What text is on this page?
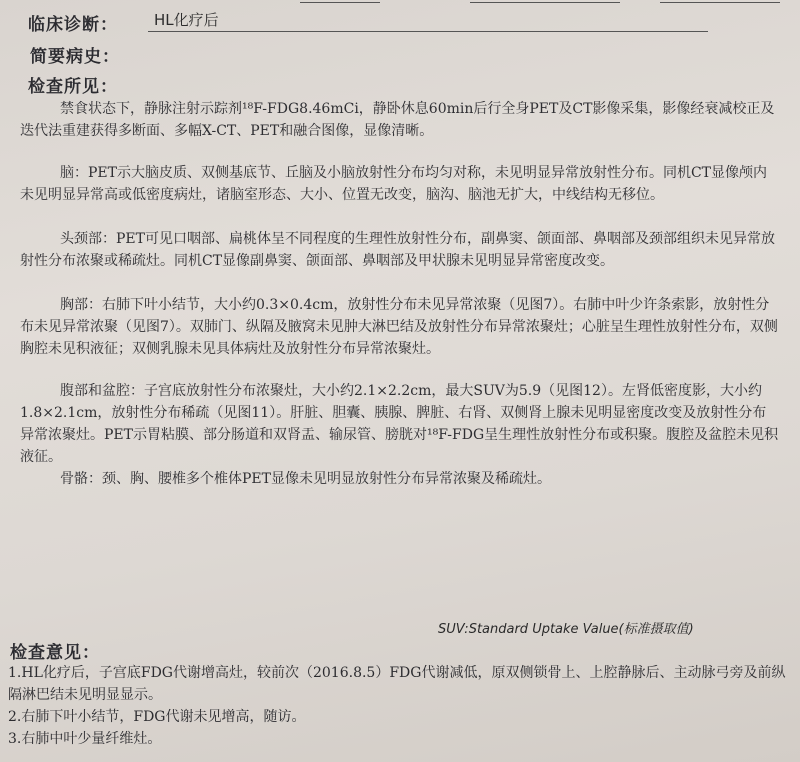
临床诊断：	HL化疗后
简要病史：
检查所见：

禁食状态下，静脉注射示踪剂¹⁸F-FDG8.46mCi，静卧休息60min后行全身PET及CT影像采集，影像经衰减校正及迭代法重建获得多断面、多幅X-CT、PET和融合图像，显像清晰。

脑：PET示大脑皮质、双侧基底节、丘脑及小脑放射性分布均匀对称，未见明显异常放射性分布。同机CT显像颅内未见明显异常高或低密度病灶，诸脑室形态、大小、位置无改变，脑沟、脑池无扩大，中线结构无移位。

头颈部：PET可见口咽部、扁桃体呈不同程度的生理性放射性分布，副鼻窦、颌面部、鼻咽部及颈部组织未见异常放射性分布浓聚或稀疏灶。同机CT显像副鼻窦、颌面部、鼻咽部及甲状腺未见明显异常密度改变。

胸部：右肺下叶小结节，大小约0.3×0.4cm，放射性分布未见异常浓聚（见图7）。右肺中叶少许条索影，放射性分布未见异常浓聚（见图7）。双肺门、纵隔及腋窝未见肿大淋巴结及放射性分布异常浓聚灶；心脏呈生理性放射性分布，双侧胸腔未见积液征；双侧乳腺未见具体病灶及放射性分布异常浓聚灶。

腹部和盆腔：子宫底放射性分布浓聚灶，大小约2.1×2.2cm，最大SUV为5.9（见图12）。左肾低密度影，大小约1.8×2.1cm，放射性分布稀疏（见图11）。肝脏、胆囊、胰腺、脾脏、右肾、双侧肾上腺未见明显密度改变及放射性分布异常浓聚灶。PET示胃粘膜、部分肠道和双肾盂、输尿管、膀胱对¹⁸F-FDG呈生理性放射性分布或积聚。腹腔及盆腔未见积液征。

骨骼：颈、胸、腰椎多个椎体PET显像未见明显放射性分布异常浓聚及稀疏灶。

SUV:Standard Uptake Value(标准摄取值)
检查意见：

1.HL化疗后，子宫底FDG代谢增高灶，较前次（2016.8.5）FDG代谢减低，原双侧锁骨上、上腔静脉后、主动脉弓旁及前纵隔淋巴结未见明显显示。

2.右肺下叶小结节，FDG代谢未见增高，随访。

3.右肺中叶少量纤维灶。
